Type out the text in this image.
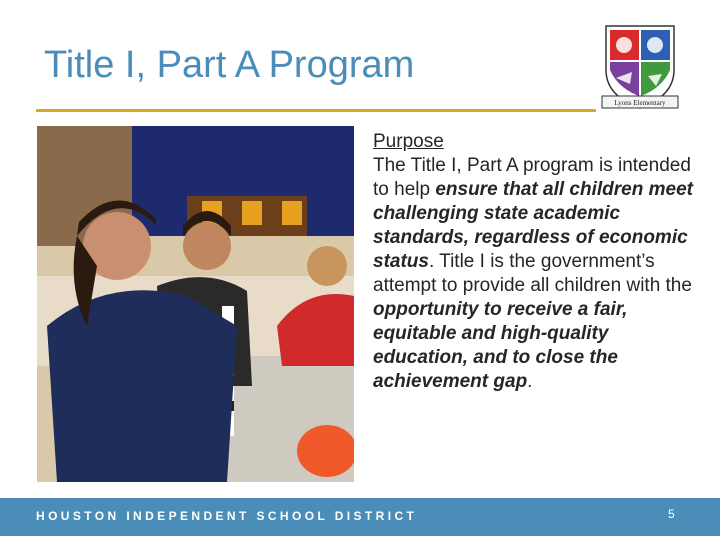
Title I, Part A Program
Lyons Elementary
Purpose
The Title I, Part A program is intended to help ensure that all children meet challenging state academic standards, regardless of economic status. Title I is the government’s attempt to provide all children with the opportunity to receive a fair, equitable and high-quality education, and to close the achievement gap.
HOUSTON INDEPENDENT SCHOOL DISTRICT	5
